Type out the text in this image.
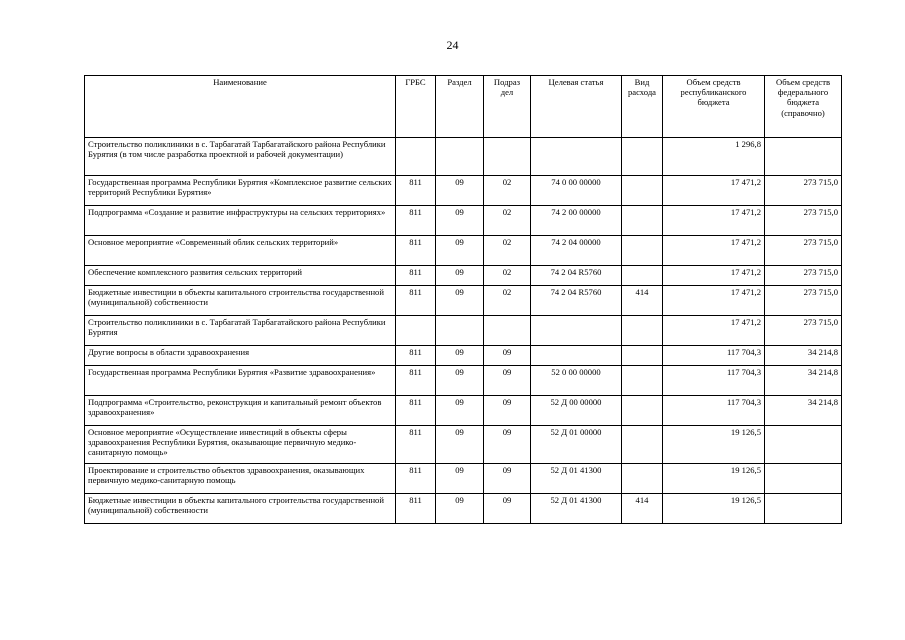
24
Наименование	ГРБС	Раздел	Подраз дел	Целевая статья	Вид расхода	Объем средств республиканского бюджета	Объем средств федерального бюджета (справочно)
Строительство поликлиники в с. Тарбагатай Тарбагатайского района Республики Бурятия (в том числе разработка проектной и рабочей документации)						1 296,8	
Государственная программа Республики Бурятия «Комплексное развитие сельских территорий Республики Бурятия»	811	09	02	74 0 00 00000		17 471,2	273 715,0
Подпрограмма «Создание и развитие инфраструктуры на сельских территориях»	811	09	02	74 2 00 00000		17 471,2	273 715,0
Основное мероприятие «Современный облик сельских территорий»	811	09	02	74 2 04 00000		17 471,2	273 715,0
Обеспечение комплексного развития сельских территорий	811	09	02	74 2 04 R5760		17 471,2	273 715,0
Бюджетные инвестиции в объекты капитального строительства государственной (муниципальной) собственности	811	09	02	74 2 04 R5760	414	17 471,2	273 715,0
Строительство поликлиники в с. Тарбагатай Тарбагатайского района Республики Бурятия						17 471,2	273 715,0
Другие вопросы в области здравоохранения	811	09	09			117 704,3	34 214,8
Государственная программа Республики Бурятия «Развитие здравоохранения»	811	09	09	52 0 00 00000		117 704,3	34 214,8
Подпрограмма «Строительство, реконструкция и капитальный ремонт объектов здравоохранения»	811	09	09	52 Д 00 00000		117 704,3	34 214,8
Основное мероприятие «Осуществление инвестиций в объекты сферы здравоохранения Республики Бурятия, оказывающие первичную медико-санитарную помощь»	811	09	09	52 Д 01 00000		19 126,5	
Проектирование и строительство объектов здравоохранения, оказывающих первичную медико-санитарную помощь	811	09	09	52 Д 01 41300		19 126,5	
Бюджетные инвестиции в объекты капитального строительства государственной (муниципальной) собственности	811	09	09	52 Д 01 41300	414	19 126,5	
